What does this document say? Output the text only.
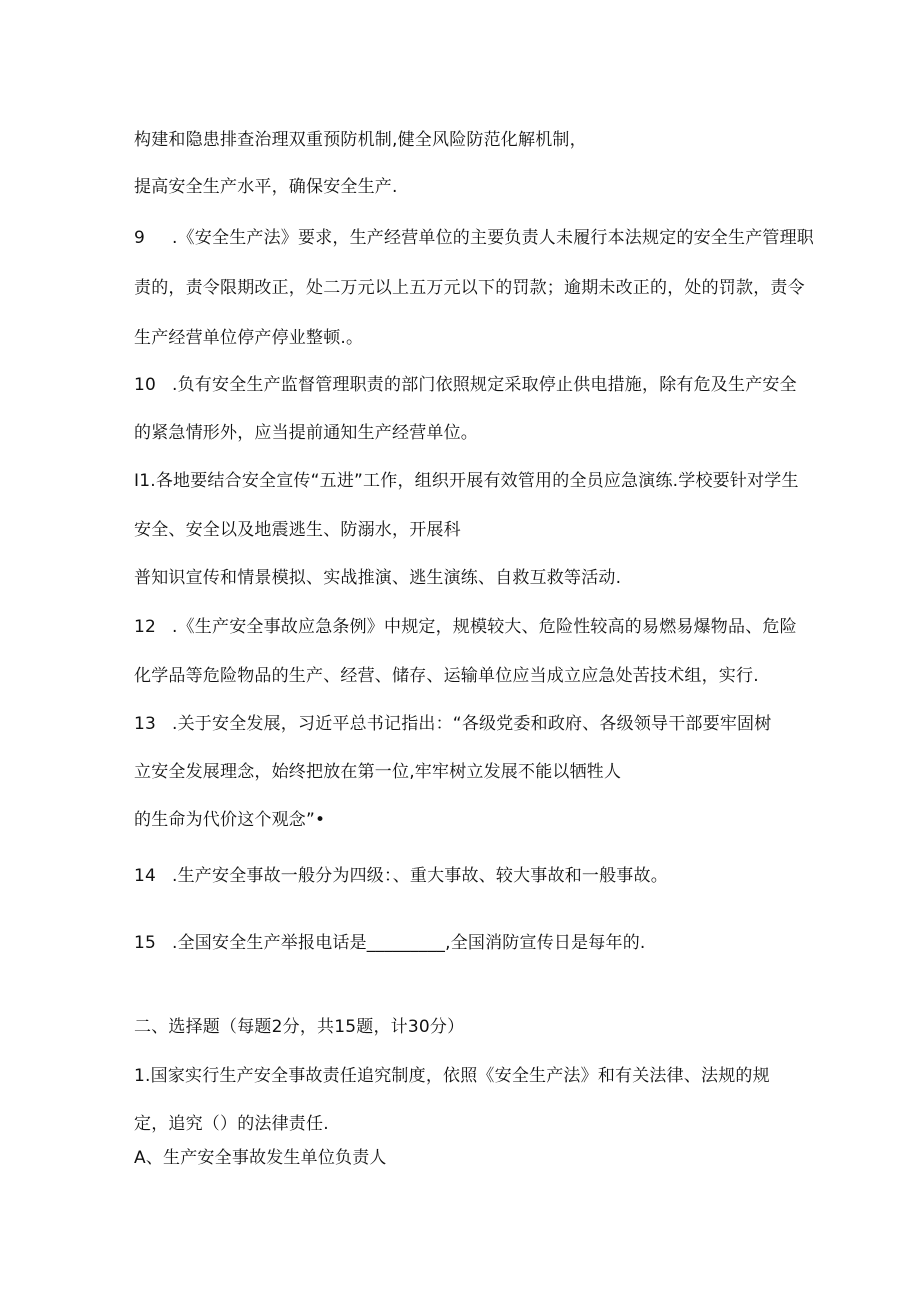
构建和隐患排查治理双重预防机制,健全风险防范化解机制，
提高安全生产水平，确保安全生产.
9 .《安全生产法》要求，生产经营单位的主要负责人未履行本法规定的安全生产管理职
责的，责令限期改正，处二万元以上五万元以下的罚款；逾期未改正的，处的罚款，责令
生产经营单位停产停业整顿.。
10 .负有安全生产监督管理职责的部门依照规定采取停止供电措施，除有危及生产安全
的紧急情形外，应当提前通知生产经营单位。
I1.各地要结合安全宣传“五进”工作，组织开展有效管用的全员应急演练.学校要针对学生
安全、安全以及地震逃生、防溺水，开展科
普知识宣传和情景模拟、实战推演、逃生演练、自救互救等活动.
12 .《生产安全事故应急条例》中规定，规模较大、危险性较高的易燃易爆物品、危险
化学品等危险物品的生产、经营、储存、运输单位应当成立应急处苦技术组，实行.
13 .关于安全发展，习近平总书记指出：“各级党委和政府、各级领导干部要牢固树
立安全发展理念，始终把放在第一位,牢牢树立发展不能以牺牲人
的生命为代价这个观念”•
14 .生产安全事故一般分为四级：、重大事故、较大事故和一般事故。
15 .全国安全生产举报电话是_________,全国消防宣传日是每年的.
二、选择题（每题2分，共15题，计30分）
1.国家实行生产安全事故责任追究制度，依照《安全生产法》和有关法律、法规的规
定，追究（）的法律责任.
A、生产安全事故发生单位负责人
